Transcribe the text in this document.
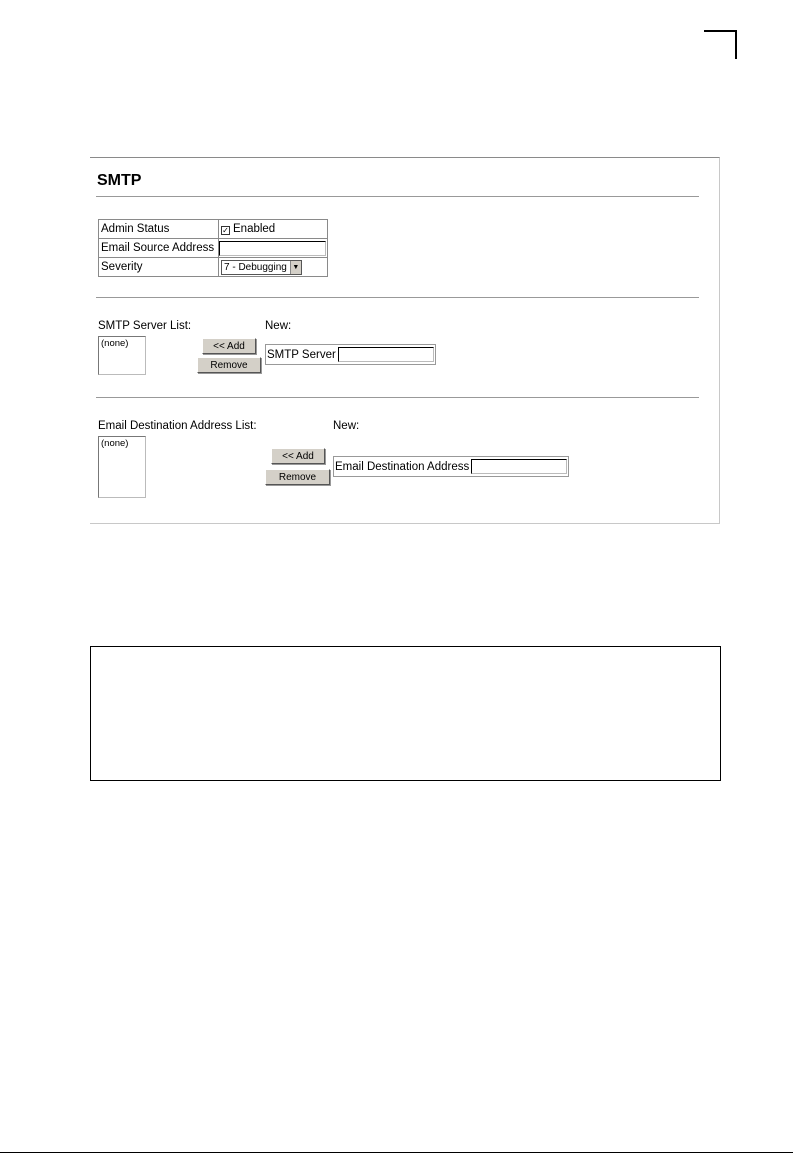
SMTP
Admin Status	✓ Enabled
Email Source Address	

Severity	7 - Debugging ▼
SMTP Server List:
(none)	<< Add
Remove
New:
SMTP Server
Email Destination Address List:
(none)
New:
<< Add
Remove
Email Destination Address
